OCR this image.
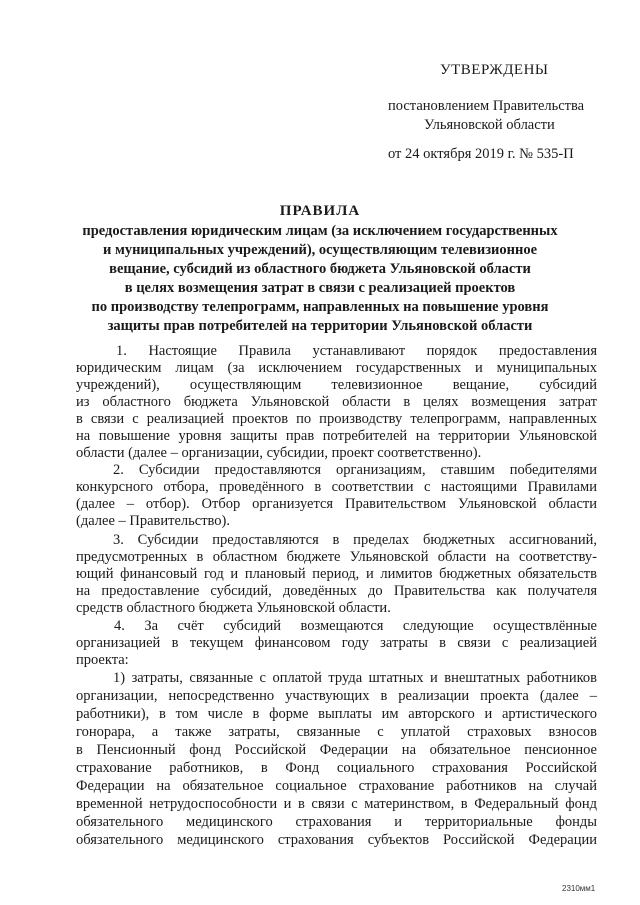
УТВЕРЖДЕНЫ
постановлением Правительства
Ульяновской области
от 24 октября 2019 г. № 535-П
ПРАВИЛА
предоставления юридическим лицам (за исключением государственных
и муниципальных учреждений), осуществляющим телевизионное
вещание, субсидий из областного бюджета Ульяновской области
в целях возмещения затрат в связи с реализацией проектов
по производству телепрограмм, направленных на повышение уровня
защиты прав потребителей на территории Ульяновской области
1. Настоящие Правила устанавливают порядок предоставления
юридическим лицам (за исключением государственных и муниципальных
учреждений), осуществляющим телевизионное вещание, субсидий
из областного бюджета Ульяновской области в целях возмещения затрат
в связи с реализацией проектов по производству телепрограмм, направленных
на повышение уровня защиты прав потребителей на территории Ульяновской
области (далее – организации, субсидии, проект соответственно).
2. Субсидии предоставляются организациям, ставшим победителями
конкурсного отбора, проведённого в соответствии с настоящими Правилами
(далее – отбор). Отбор организуется Правительством Ульяновской области
(далее – Правительство).
3. Субсидии предоставляются в пределах бюджетных ассигнований,
предусмотренных в областном бюджете Ульяновской области на соответству-
ющий финансовый год и плановый период, и лимитов бюджетных обязательств
на предоставление субсидий, доведённых до Правительства как получателя
средств областного бюджета Ульяновской области.
4. За счёт субсидий возмещаются следующие осуществлённые
организацией в текущем финансовом году затраты в связи с реализацией
проекта:
1) затраты, связанные с оплатой труда штатных и внештатных работников
организации, непосредственно участвующих в реализации проекта (далее –
работники), в том числе в форме выплаты им авторского и артистического
гонорара, а также затраты, связанные с уплатой страховых взносов
в Пенсионный фонд Российской Федерации на обязательное пенсионное
страхование работников, в Фонд социального страхования Российской
Федерации на обязательное социальное страхование работников на случай
временной нетрудоспособности и в связи с материнством, в Федеральный фонд
обязательного медицинского страхования и территориальные фонды
обязательного медицинского страхования субъектов Российской Федерации
2310мм1
